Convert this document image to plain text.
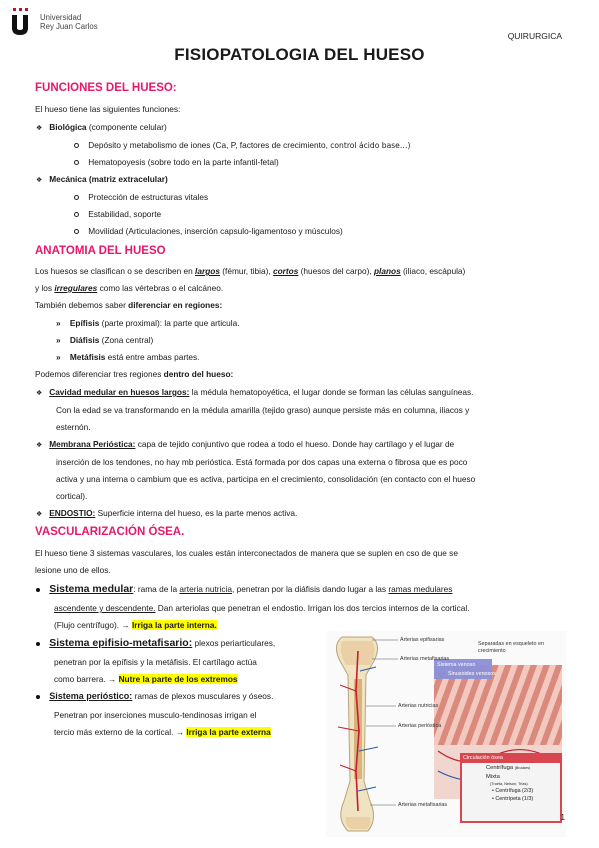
Universidad
Rey Juan Carlos
QUIRURGICA
FISIOPATOLOGIA DEL HUESO
FUNCIONES DEL HUESO:
El hueso tiene las siguientes funciones:
❖ Biológica (componente celular)
Depósito y metabolismo de iones (Ca, P, factores de crecimiento, control ácido base…)
Hematopoyesis (sobre todo en la parte infantil-fetal)
❖ Mecánica (matriz extracelular)
Protección de estructuras vitales
Estabilidad, soporte
Movilidad (Articulaciones, inserción capsulo-ligamentoso y músculos)
ANATOMIA DEL HUESO
Los huesos se clasifican o se describen en largos (fémur, tibia), cortos (huesos del carpo), planos (iliaco, escápula)
y los irregulares como las vértebras o el calcáneo.
También debemos saber diferenciar en regiones:
» Epífisis (parte proximal): la parte que articula.
» Diáfisis (Zona central)
» Metáfisis está entre ambas partes.
Podemos diferenciar tres regiones dentro del hueso:
❖ Cavidad medular en huesos largos: la médula hematopoyética, el lugar donde se forman las células sanguíneas.
Con la edad se va transformando en la médula amarilla (tejido graso) aunque persiste más en columna, iliacos y
esternón.
❖ Membrana Perióstica: capa de tejido conjuntivo que rodea a todo el hueso. Donde hay cartílago y el lugar de
inserción de los tendones, no hay mb perióstica. Está formada por dos capas una externa o fibrosa que es poco
activa y una interna o cambium que es activa, participa en el crecimiento, consolidación (en contacto con el hueso
cortical).
❖ ENDOSTIO: Superficie interna del hueso, es la parte menos activa.
VASCULARIZACIÓN ÓSEA.
El hueso tiene 3 sistemas vasculares, los cuales están interconectados de manera que se suplen en cso de que se
lesione uno de ellos.
Sistema medular: rama de la arteria nutricia, penetran por la diáfisis dando lugar a las ramas medulares
ascendente y descendente. Dan arteriolas que penetran el endostio. Irrigan los dos tercios internos de la cortical.
(Flujo centrífugo). → Irriga la parte interna.
Sistema epifisio-metafisario: plexos periarticulares,
penetran por la epífisis y la metáfisis. El cartílago actúa
como barrera. → Nutre la parte de los extremos
Sistema perióstico: ramas de plexos musculares y óseos.
Penetran por inserciones musculo-tendinosas irrigan el
tercio más externo de la cortical. → Irriga la parte externa
Arterias epifisarias
Arterias metafisarias
Arterias nutricias
Arterias perióstica
Arterias metafisarias
Separadas en esqueleto en
crecimiento
Sistema venoso
Sinusoides venosos
Circulación ósea
Centrífuga (Brookes)
Mixta
(Trueta, Nelson, Trias)
• Centrífuga (2/3)
• Centrípeta (1/3)
1
